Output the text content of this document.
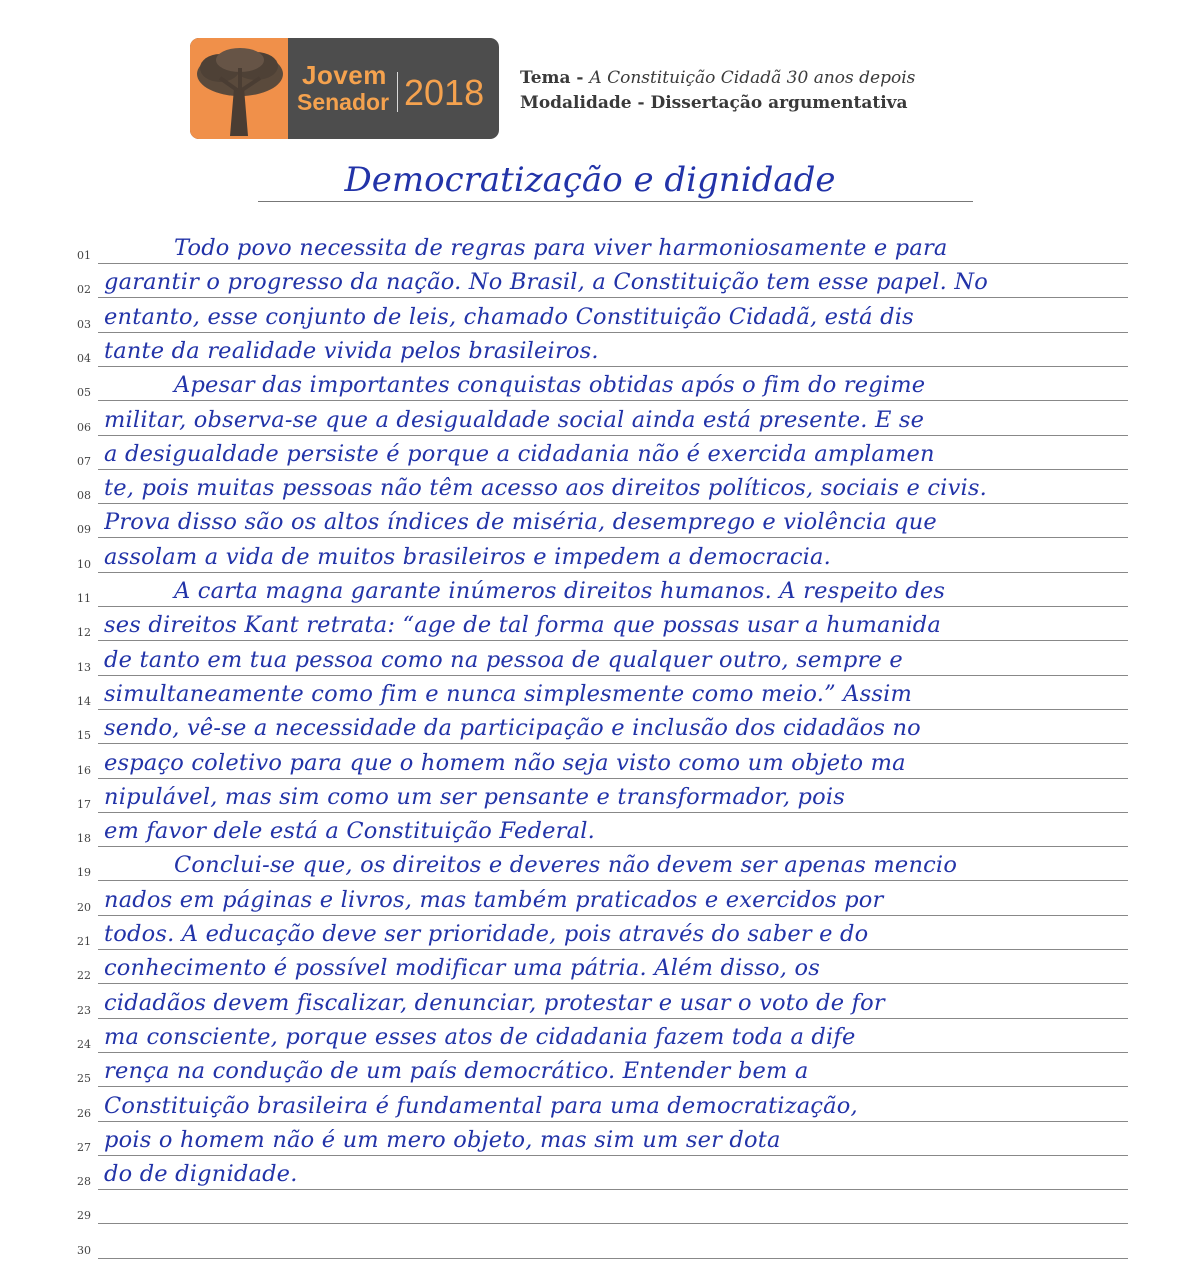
Jovem
Senador 2018 Tema - A Constituição Cidadã 30 anos depois
Modalidade - Dissertação argumentativa
Democratização e dignidade
01	Todo povo necessita de regras para viver harmoniosamente e para
02 garantir o progresso da nação. No Brasil, a Constituição tem esse papel. No
03 entanto, esse conjunto de leis, chamado Constituição Cidadã, está dis
04 tante da realidade vivida pelos brasileiros.
05	Apesar das importantes conquistas obtidas após o fim do regime
06 militar, observa-se que a desigualdade social ainda está presente. E se
07 a desigualdade persiste é porque a cidadania não é exercida amplamen
08 te, pois muitas pessoas não têm acesso aos direitos políticos, sociais e civis.
09 Prova disso são os altos índices de miséria, desemprego e violência que
10 assolam a vida de muitos brasileiros e impedem a democracia.
11	A carta magna garante inúmeros direitos humanos. A respeito des
12 ses direitos Kant retrata: “age de tal forma que possas usar a humanida
13 de tanto em tua pessoa como na pessoa de qualquer outro, sempre e
14 simultaneamente como fim e nunca simplesmente como meio.” Assim
15 sendo, vê-se a necessidade da participação e inclusão dos cidadãos no
16 espaço coletivo para que o homem não seja visto como um objeto ma
17 nipulável, mas sim como um ser pensante e transformador, pois
18 em favor dele está a Constituição Federal.
19	Conclui-se que, os direitos e deveres não devem ser apenas mencio
20 nados em páginas e livros, mas também praticados e exercidos por
21 todos. A educação deve ser prioridade, pois através do saber e do
22 conhecimento é possível modificar uma pátria. Além disso, os
23 cidadãos devem fiscalizar, denunciar, protestar e usar o voto de for
24 ma consciente, porque esses atos de cidadania fazem toda a dife
25 rença na condução de um país democrático. Entender bem a
26 Constituição brasileira é fundamental para uma democratização,
27 pois o homem não é um mero objeto, mas sim um ser dota
28 do de dignidade.
29
30
